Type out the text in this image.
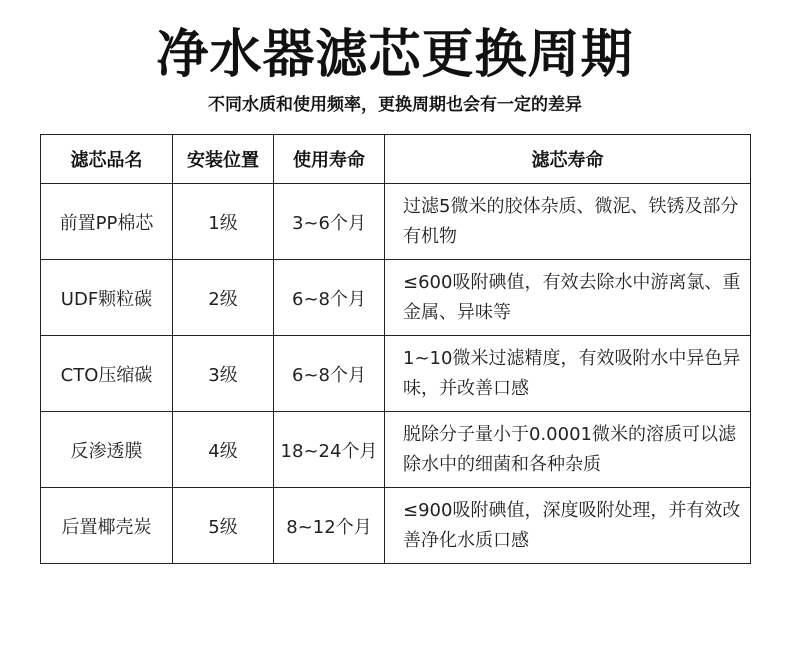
净水器滤芯更换周期
不同水质和使用频率，更换周期也会有一定的差异
滤芯品名	安装位置	使用寿命	滤芯寿命
前置PP棉芯	1级	3~6个月	过滤5微米的胶体杂质、微泥、铁锈及部分有机物
UDF颗粒碳	2级	6~8个月	≤600吸附碘值，有效去除水中游离氯、重金属、异味等
CTO压缩碳	3级	6~8个月	1~10微米过滤精度，有效吸附水中异色异味，并改善口感
反渗透膜	4级	18~24个月	脱除分子量小于0.0001微米的溶质可以滤除水中的细菌和各种杂质
后置椰壳炭	5级	8~12个月	≤900吸附碘值，深度吸附处理，并有效改善净化水质口感
